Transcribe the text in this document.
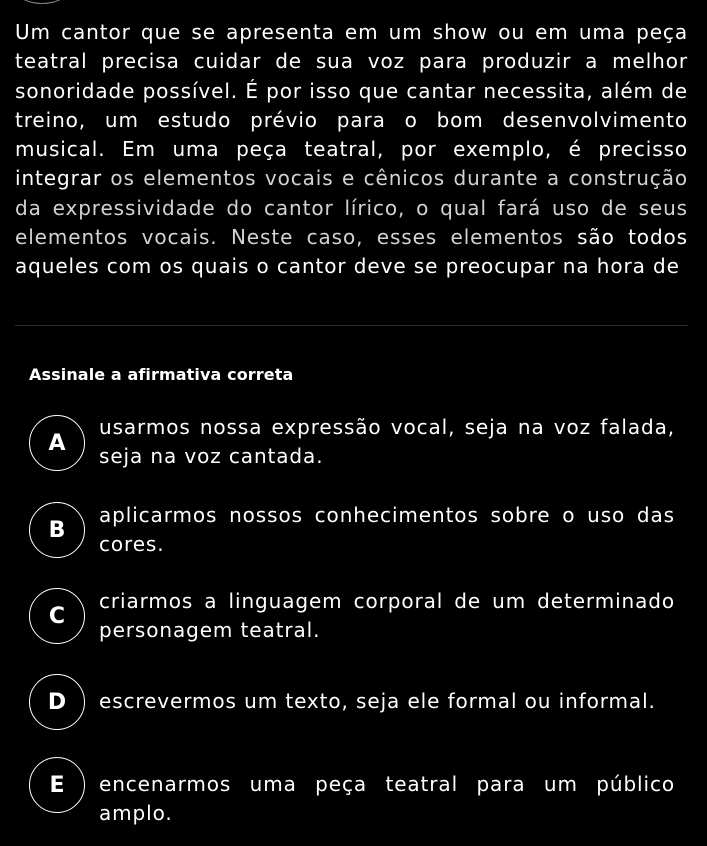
Um cantor que se apresenta em um show ou em uma peça teatral precisa cuidar de sua voz para produzir a melhor sonoridade possível. É por isso que cantar necessita, além de treino, um estudo prévio para o bom desenvolvimento musical. Em uma peça teatral, por exemplo, é precisso integrar os elementos vocais e cênicos durante a construção da expressividade do cantor lírico, o qual fará uso de seus elementos vocais. Neste caso, esses elementos são todos aqueles com os quais o cantor deve se preocupar na hora de

Assinale a afirmativa correta
A
usarmos nossa expressão vocal, seja na voz falada, seja na voz cantada.
B
aplicarmos nossos conhecimentos sobre o uso das cores.
C
criarmos a linguagem corporal de um determinado personagem teatral.
D	escrevermos um texto, seja ele formal ou informal.
E	encenarmos uma peça teatral para um público amplo.
